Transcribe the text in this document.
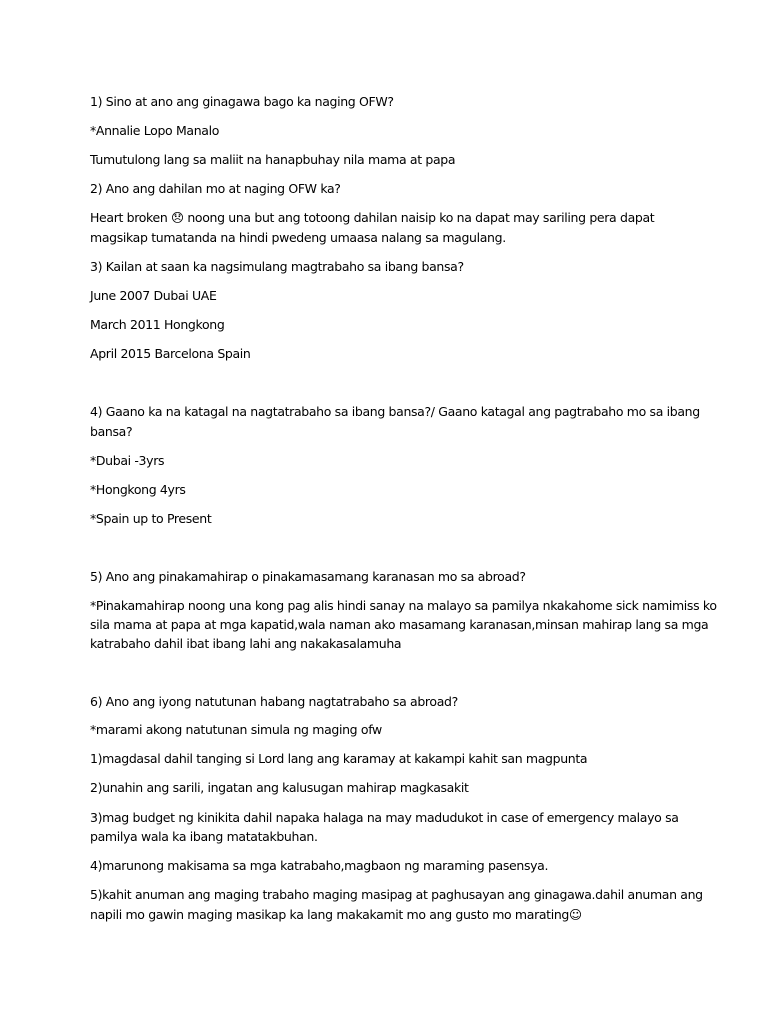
1) Sino at ano ang ginagawa bago ka naging OFW?
*Annalie Lopo Manalo
Tumutulong lang sa maliit na hanapbuhay nila mama at papa
2) Ano ang dahilan mo at naging OFW ka?
Heart broken 😞 noong una but ang totoong dahilan naisip ko na dapat may sariling pera dapat
magsikap tumatanda na hindi pwedeng umaasa nalang sa magulang.
3) Kailan at saan ka nagsimulang magtrabaho sa ibang bansa?
June 2007 Dubai UAE
March 2011 Hongkong
April 2015 Barcelona Spain
4) Gaano ka na katagal na nagtatrabaho sa ibang bansa?/ Gaano katagal ang pagtrabaho mo sa ibang
bansa?
*Dubai -3yrs
*Hongkong 4yrs
*Spain up to Present
5) Ano ang pinakamahirap o pinakamasamang karanasan mo sa abroad?
*Pinakamahirap noong una kong pag alis hindi sanay na malayo sa pamilya nkakahome sick namimiss ko
sila mama at papa at mga kapatid,wala naman ako masamang karanasan,minsan mahirap lang sa mga
katrabaho dahil ibat ibang lahi ang nakakasalamuha
6) Ano ang iyong natutunan habang nagtatrabaho sa abroad?
*marami akong natutunan simula ng maging ofw
1)magdasal dahil tanging si Lord lang ang karamay at kakampi kahit san magpunta
2)unahin ang sarili, ingatan ang kalusugan mahirap magkasakit
3)mag budget ng kinikita dahil napaka halaga na may madudukot in case of emergency malayo sa
pamilya wala ka ibang matatakbuhan.
4)marunong makisama sa mga katrabaho,magbaon ng maraming pasensya.
5)kahit anuman ang maging trabaho maging masipag at paghusayan ang ginagawa.dahil anuman ang
napili mo gawin maging masikap ka lang makakamit mo ang gusto mo marating☺
